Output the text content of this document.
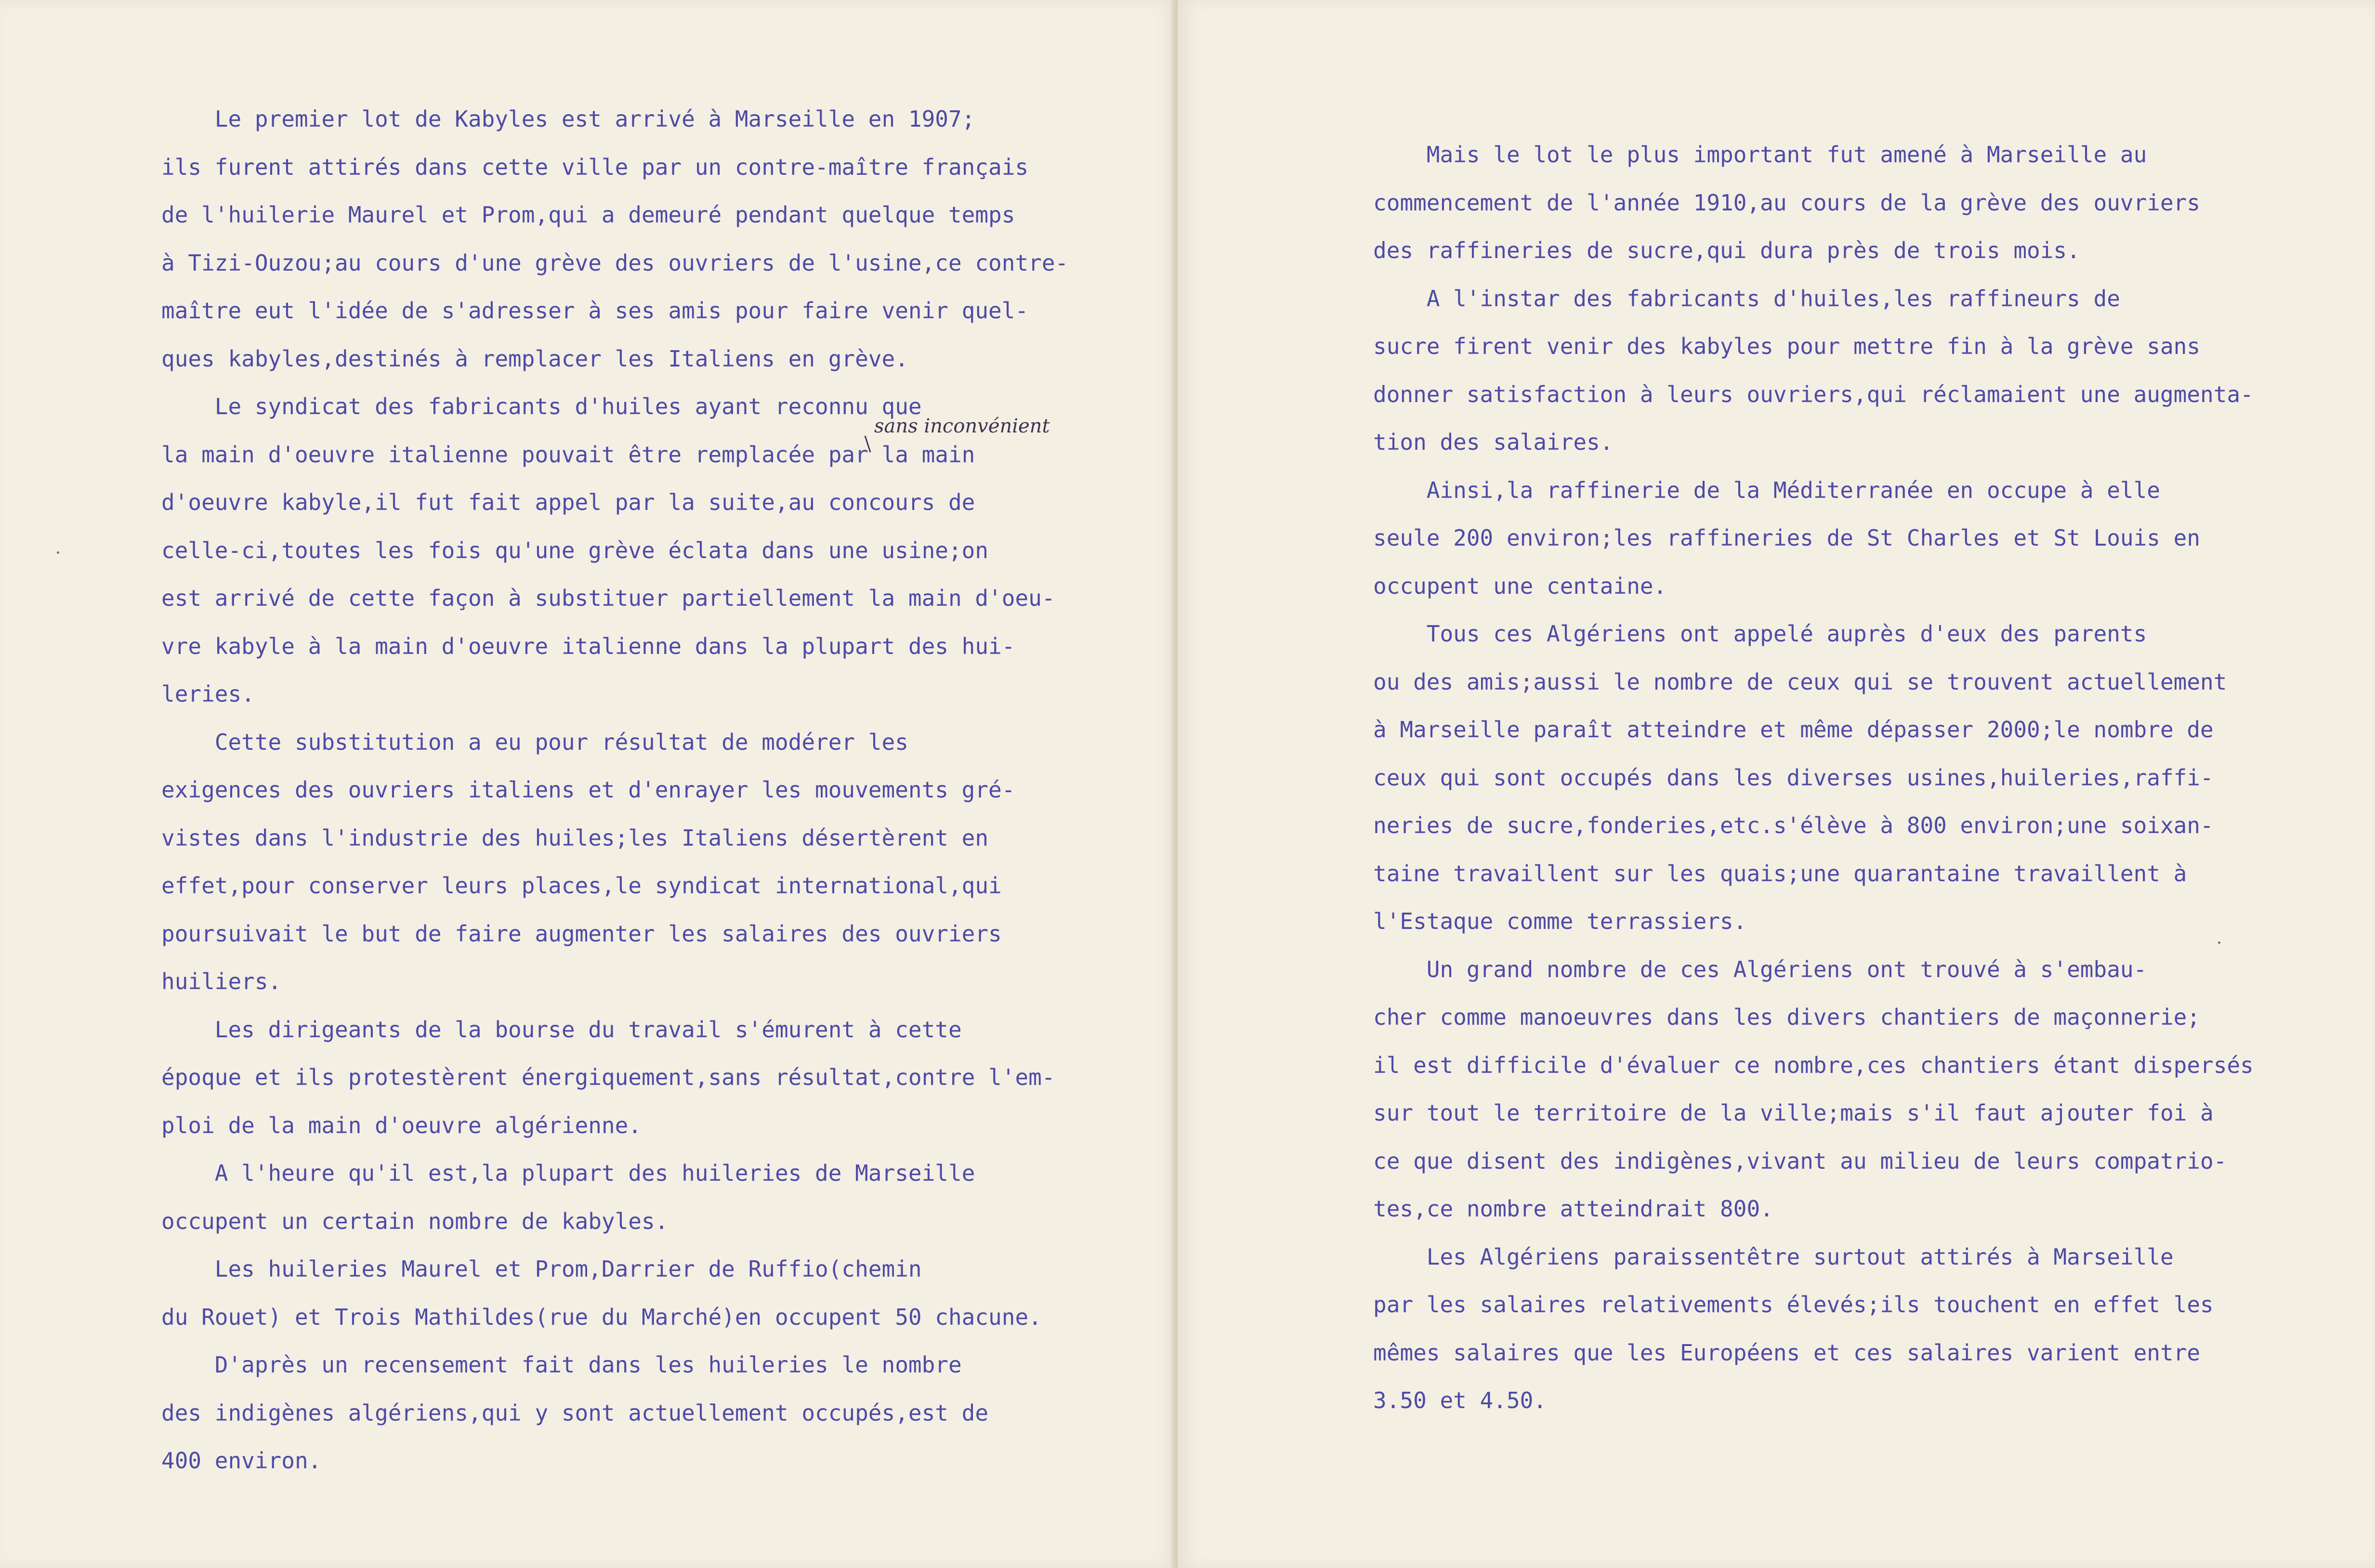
Le premier lot de Kabyles est arrivé à Marseille en 1907;
ils furent attirés dans cette ville par un contre-maître français
de l'huilerie Maurel et Prom,qui a demeuré pendant quelque temps
à Tizi-Ouzou;au cours d'une grève des ouvriers de l'usine,ce contre-
maître eut l'idée de s'adresser à ses amis pour faire venir quel-
ques kabyles,destinés à remplacer les Italiens en grève.
Le syndicat des fabricants d'huiles ayant reconnu que
la main d'oeuvre italienne pouvait être remplacée par la main
d'oeuvre kabyle,il fut fait appel par la suite,au concours de
celle-ci,toutes les fois qu'une grève éclata dans une usine;on
est arrivé de cette façon à substituer partiellement la main d'oeu-
vre kabyle à la main d'oeuvre italienne dans la plupart des hui-
leries.
Cette substitution a eu pour résultat de modérer les
exigences des ouvriers italiens et d'enrayer les mouvements gré-
vistes dans l'industrie des huiles;les Italiens désertèrent en
effet,pour conserver leurs places,le syndicat international,qui
poursuivait le but de faire augmenter les salaires des ouvriers
huiliers.
Les dirigeants de la bourse du travail s'émurent à cette
époque et ils protestèrent énergiquement,sans résultat,contre l'em-
ploi de la main d'oeuvre algérienne.
A l'heure qu'il est,la plupart des huileries de Marseille
occupent un certain nombre de kabyles.
Les huileries Maurel et Prom,Darrier de Ruffio(chemin
du Rouet) et Trois Mathildes(rue du Marché)en occupent 50 chacune.
D'après un recensement fait dans les huileries le nombre
des indigènes algériens,qui y sont actuellement occupés,est de
400 environ.
sans inconvénient
Mais le lot le plus important fut amené à Marseille au
commencement de l'année 1910,au cours de la grève des ouvriers
des raffineries de sucre,qui dura près de trois mois.
A l'instar des fabricants d'huiles,les raffineurs de
sucre firent venir des kabyles pour mettre fin à la grève sans
donner satisfaction à leurs ouvriers,qui réclamaient une augmenta-
tion des salaires.
Ainsi,la raffinerie de la Méditerranée en occupe à elle
seule 200 environ;les raffineries de St Charles et St Louis en
occupent une centaine.
Tous ces Algériens ont appelé auprès d'eux des parents
ou des amis;aussi le nombre de ceux qui se trouvent actuellement
à Marseille paraît atteindre et même dépasser 2000;le nombre de
ceux qui sont occupés dans les diverses usines,huileries,raffi-
neries de sucre,fonderies,etc.s'élève à 800 environ;une soixan-
taine travaillent sur les quais;une quarantaine travaillent à
l'Estaque comme terrassiers.
Un grand nombre de ces Algériens ont trouvé à s'embau-
cher comme manoeuvres dans les divers chantiers de maçonnerie;
il est difficile d'évaluer ce nombre,ces chantiers étant dispersés
sur tout le territoire de la ville;mais s'il faut ajouter foi à
ce que disent des indigènes,vivant au milieu de leurs compatrio-
tes,ce nombre atteindrait 800.
Les Algériens paraissentêtre surtout attirés à Marseille
par les salaires relativements élevés;ils touchent en effet les
mêmes salaires que les Européens et ces salaires varient entre
3.50 et 4.50.
